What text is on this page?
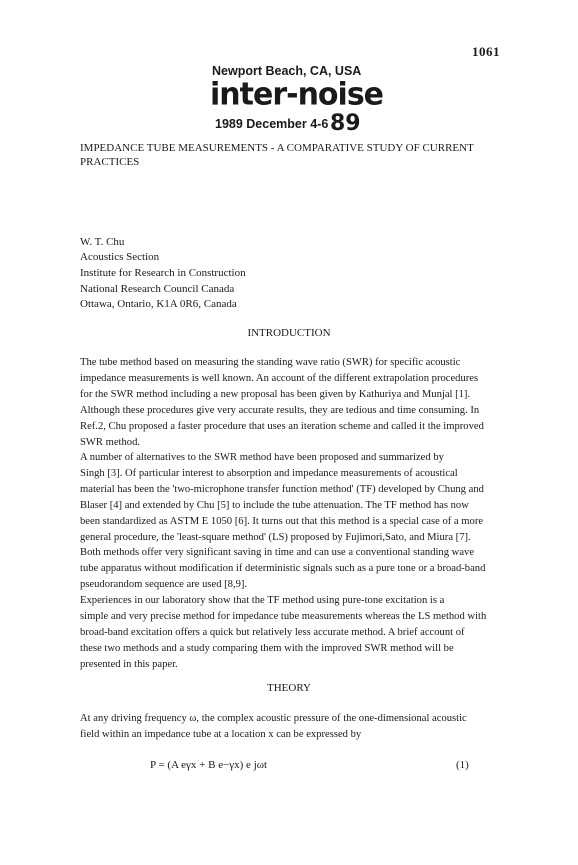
1061
Newport Beach, CA, USA
inter-noise
1989 December 4-6 89
IMPEDANCE TUBE MEASUREMENTS - A COMPARATIVE STUDY OF CURRENT PRACTICES
W. T. Chu
Acoustics Section
Institute for Research in Construction
National Research Council Canada
Ottawa, Ontario, K1A 0R6, Canada
INTRODUCTION
The tube method based on measuring the standing wave ratio (SWR) for specific acoustic
impedance measurements is well known. An account of the different extrapolation procedures
for the SWR method including a new proposal has been given by Kathuriya and Munjal [1].
Although these procedures give very accurate results, they are tedious and time consuming. In
Ref.2, Chu proposed a faster procedure that uses an iteration scheme and called it the improved
SWR method.
A number of alternatives to the SWR method have been proposed and summarized by
Singh [3]. Of particular interest to absorption and impedance measurements of acoustical
material has been the 'two-microphone transfer function method' (TF) developed by Chung and
Blaser [4] and extended by Chu [5] to include the tube attenuation. The TF method has now
been standardized as ASTM E 1050 [6]. It turns out that this method is a special case of a more
general procedure, the 'least-square method' (LS) proposed by Fujimori,Sato, and Miura [7].
Both methods offer very significant saving in time and can use a conventional standing wave
tube apparatus without modification if deterministic signals such as a pure tone or a broad-band
pseudorandom sequence are used [8,9].
Experiences in our laboratory show that the TF method using pure-tone excitation is a
simple and very precise method for impedance tube measurements whereas the LS method with
broad-band excitation offers a quick but relatively less accurate method. A brief account of
these two methods and a study comparing them with the improved SWR method will be
presented in this paper.
THEORY
At any driving frequency ω, the complex acoustic pressure of the one-dimensional acoustic
field within an impedance tube at a location x can be expressed by
P = (A eγx + B e−γx) e jωt	(1)
